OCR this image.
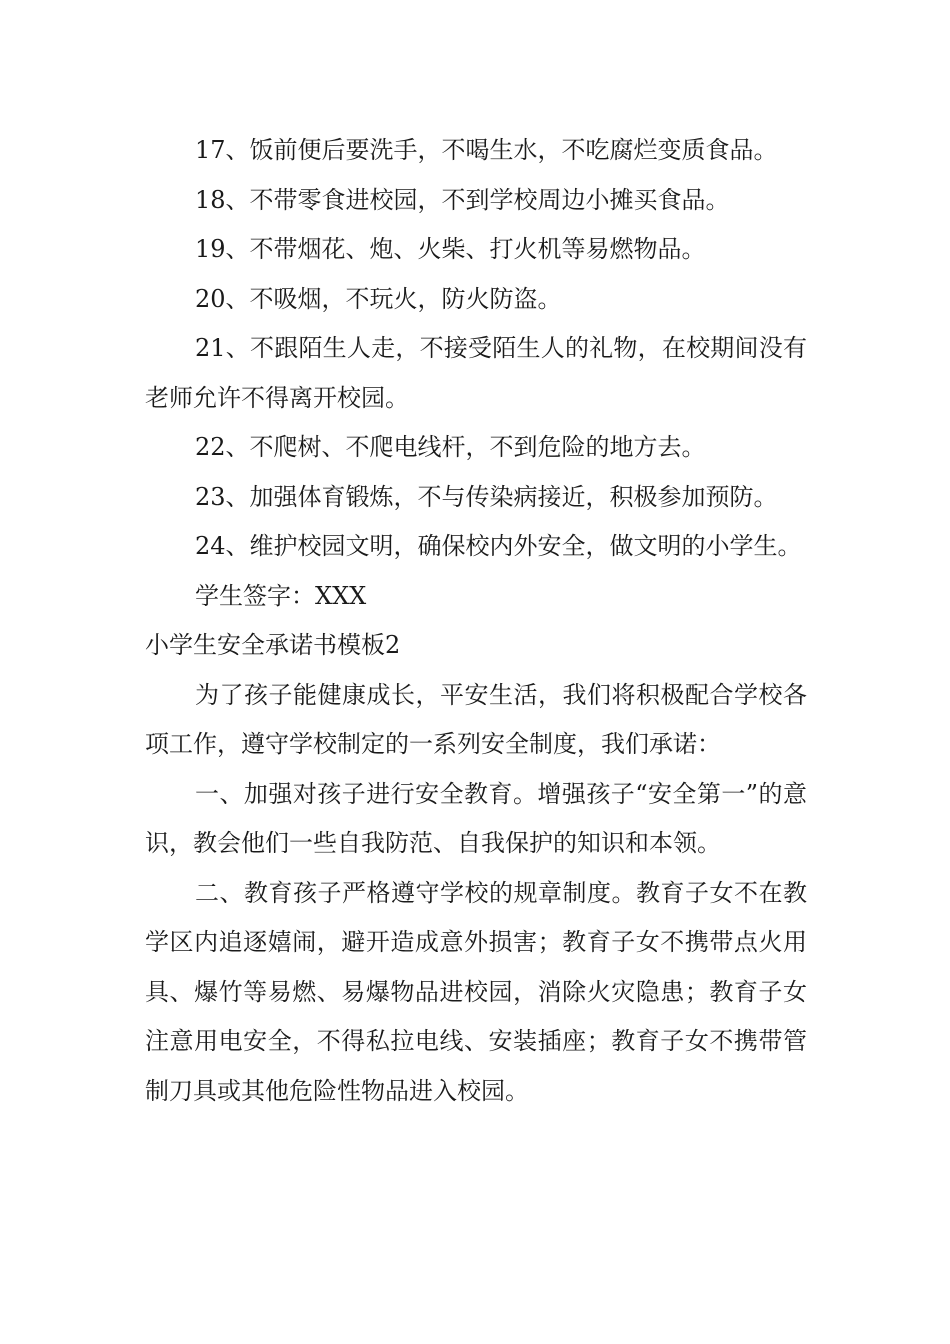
17、饭前便后要洗手，不喝生水，不吃腐烂变质食品。

18、不带零食进校园，不到学校周边小摊买食品。

19、不带烟花、炮、火柴、打火机等易燃物品。

20、不吸烟，不玩火，防火防盗。

21、不跟陌生人走，不接受陌生人的礼物，在校期间没有老师允许不得离开校园。

22、不爬树、不爬电线杆，不到危险的地方去。

23、加强体育锻炼，不与传染病接近，积极参加预防。

24、维护校园文明，确保校内外安全，做文明的小学生。

学生签字：XXX

小学生安全承诺书模板2

为了孩子能健康成长，平安生活，我们将积极配合学校各项工作，遵守学校制定的一系列安全制度，我们承诺：

一、加强对孩子进行安全教育。增强孩子“安全第一”的意识，教会他们一些自我防范、自我保护的知识和本领。

二、教育孩子严格遵守学校的规章制度。教育子女不在教学区内追逐嬉闹，避开造成意外损害；教育子女不携带点火用具、爆竹等易燃、易爆物品进校园，消除火灾隐患；教育子女注意用电安全，不得私拉电线、安装插座；教育子女不携带管制刀具或其他危险性物品进入校园。
